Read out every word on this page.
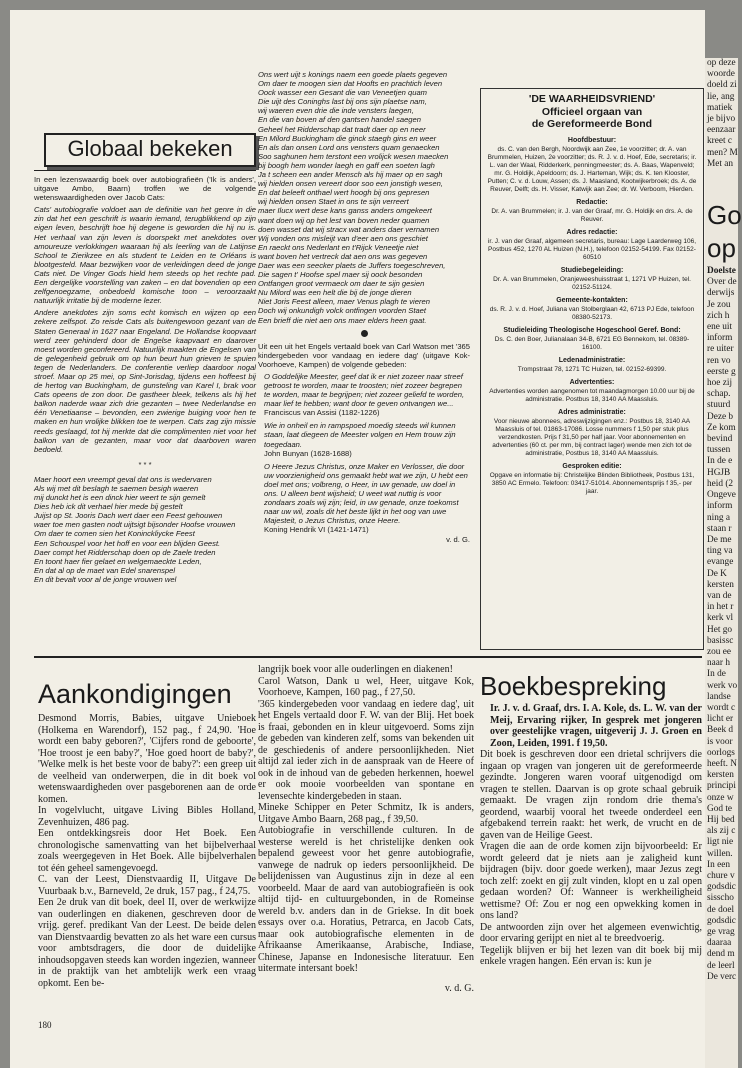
Globaal bekeken

In een lezenswaardig boek over autobiografieën ('Ik is anders', uitgave Ambo, Baarn) troffen we de volgende wetenswaardigheden over Jacob Cats:

Cats' autobiografie voldoet aan de definitie van het genre in die zin dat het een geschrift is waarin iemand, terugblikkend op zijn eigen leven, beschrijft hoe hij degene is geworden die hij nu is. Het verhaal van zijn leven is doorspekt met anekdotes over amoureuze verlokkingen waaraan hij als leerling van de Latijnse School te Zierikzee en als student te Leiden en te Orléans is blootgesteld. Maar bezwijken voor de verleidingen deed de jonge Cats niet. De Vinger Gods hield hem steeds op het rechte pad. Een dergelijke voorstelling van zaken – en dat bovendien op een zelfgenoegzame, onbedoeld komische toon – veroorzaakt natuurlijk irritatie bij de moderne lezer.

Andere anekdotes zijn soms echt komisch en wijzen op een zekere zelfspot. Zo reisde Cats als buitengewoon gezant van de Staten Generaal in 1627 naar Engeland. De Hollandse koopvaart werd zeer gehinderd door de Engelse kaapvaart en daarover moest worden geconfereerd. Natuurlijk maakten de Engelsen van de gelegenheid gebruik om op hun beurt hun grieven te spuien tegen de Nederlanders. De conferentie verliep daardoor nogal stroef. Maar op 25 mei, op Sint-Jorisdag, tijdens een hoffeest bij de hertog van Buckingham, de gunsteling van Karel I, brak voor Cats opeens de zon door. De gastheer bleek, telkens als hij het balkon naderde waar zich drie gezanten – twee Nederlandse en één Venetiaanse – bevonden, een zwierige buiging voor hen te maken en hun vrolijke blikken toe te werpen. Cats zag zijn missie reeds geslaagd, tot hij merkte dat die complimenten niet voor het balkon van de gezanten, maar voor dat daarboven waren bedoeld.

* * *

Maer hoort een vreempt geval dat ons is wedervaren
Als wij met dit beslagh te saemen besigh waeren
mij dunckt het is een dinck hier weert te sijn gemelt
Dies heb ick dit verhael hier mede bij gestelt
Juijst op St. Jooris Dach wert daer een Feest gehouwen
waer toe men gasten nodt uijtsigt bijsonder Hoofse vrouwen
Om daer te comen sien het Koninckliycke Feest
Een Schouspel voor het hoff en voor een blijden Geest.
Daer compt het Ridderschap doen op de Zaele treden
En toont haer fier gelaet en welgemaeckte Leden,
En dat al op de maet van Edel snarenspel
En dit bevalt voor al de jonge vrouwen wel
Ons wert uijt s konings naem een goede plaets gegeven
Om daer te moogen sien dat Hoofts en prachtich leven
Oock wasser een Gesant die van Veneetjen quam
Die uijt des Coninghs last bij ons sijn plaetse nam,
wij waeren even drie die inde vensters laegen,
En die van boven af den gantsen handel saegen
Geheel het Ridderschap dat tradt daer op en neer
En Milord Buckingham die ginck staegh gins en weer
En als dan onsen Lord ons vensters quam genaecken
Soo saghunen hem terstont een vrolijck wesen maecken
bij boogh hem wonder laegh en gaff een soeten lagh
Ja t scheen een ander Mensch als hij maer op en sagh
wij hielden onsen vereert door soo een jonstigh wesen,
En dat beleeft onthael wert hoogh bij ons gepresen
wij hielden onsen Staet in ons te sijn verreert
maer Ilucx wert dese kans ganss anders omgekeert
want doen wij op het lest van boven neder quamen
doen wasset dat wij stracx wat anders daer vernamen
Wij vonden ons misleijt van d'eer aen ons geschiet
En raeckt ons Nederlant en t'Rijck Veneetje niet
want boven het vertreck dat aen ons was gegeven
Daer was een seecker plaets de Juffers toegeschreven,
Die sagen t' Hoofse spel maer sij oock besonden
Ontfangen groot vermaeck om daer te sijn gesien
Nu Milord was een helt die bij de jonge dieren
Niet Joris Feest alleen, maer Venus plagh te vieren
Doch wij onkundigh volck ontfingen voorden Staet
Een brieff die niet aen ons maer elders heen gaat.

Uit een uit het Engels vertaald boek van Carl Watson met '365 kindergebeden voor vandaag en iedere dag' (uitgave Kok-Voorhoeve, Kampen) de volgende gebeden:

O Goddelijke Meester, geef dat ik er niet zozeer naar streef getroost te worden, maar te troosten; niet zozeer begrepen te worden, maar te begrijpen; niet zozeer geliefd te worden, maar lief te hebben; want door te geven ontvangen we...
Franciscus van Assisi (1182-1226)
Wie in onheil en in rampspoed moedig steeds wil kunnen staan, laat diegeen de Meester volgen en Hem trouw zijn toegedaan.
John Bunyan (1628-1688)
O Heere Jezus Christus, onze Maker en Verlosser, die door uw voorzienigheid ons gemaakt hebt wat we zijn, U hebt een doel met ons; volbreng, o Heer, in uw genade, uw doel in ons. U alleen bent wijsheid; U weet wat nuttig is voor zondaars zoals wij zijn; leid, in uw genade, onze toekomst naar uw wil, zoals dit het beste lijkt in het oog van uwe Majesteit, o Jezus Christus, onze Heere.
Koning Hendrik VI (1421-1471)
v. d. G.
'DE WAARHEIDSVRIEND'
Officieel orgaan van
de Gereformeerde Bond
Hoofdbestuur:
ds. C. van den Bergh, Noordwijk aan Zee, 1e voorzitter; dr. A. van Brummelen, Huizen, 2e voorzitter; ds. R. J. v. d. Hoef, Ede, secretaris; ir. L. van der Waal, Ridderkerk, penningmeester; ds. A. Baas, Wapenveld; mr. G. Holdijk, Apeldoorn; ds. J. Harteman, Wijk; ds. K. ten Klooster, Putten; C. v. d. Louw, Assen; ds. J. Maasland, Kootwijkerbroek; ds. A. de Reuver, Delft; ds. H. Visser, Katwijk aan Zee; dr. W. Verboom, Hierden.
Redactie:
Dr. A. van Brummelen; ir. J. van der Graaf, mr. G. Holdijk en drs. A. de Reuver.
Adres redactie:
ir. J. van der Graaf, algemeen secretaris, bureau: Lage Laarderweg 106, Postbus 452, 1270 AL Huizen (N.H.), telefoon 02152-54199. Fax 02152-60510
Studiebegeleiding:
Dr. A. van Brummelen, Oranjeweeshuisstraat 1, 1271 VP Huizen, tel. 02152-51124.
Gemeente-kontakten:
ds. R. J. v. d. Hoef, Juliana van Stolberglaan 42, 6713 PJ Ede, telefoon 08380-52173.
Studieleiding Theologische Hogeschool Geref. Bond:
Ds. C. den Boer, Julianalaan 34-B, 6721 EG Bennekom, tel. 08389-16100.
Ledenadministratie:
Trompstraat 78, 1271 TC Huizen, tel. 02152-69399.
Advertenties:
Advertenties worden aangenomen tot maandagmorgen 10.00 uur bij de administratie. Postbus 18, 3140 AA Maassluis.
Adres administratie:
Voor nieuwe abonnees, adreswijzigingen enz.: Postbus 18, 3140 AA Maassluis of tel. 01863-17086. Losse nummers f 1,50 per stuk plus verzendkosten. Prijs f 31,50 per half jaar. Voor abonnementen en advertenties (60 ct. per mm, bij contract lager) wende men zich tot de administratie, Postbus 18, 3140 AA Maassluis.
Gesproken editie:
Opgave en informatie bij: Christelijke Blinden Bibliotheek, Postbus 131, 3850 AC Ermelo. Telefoon: 03417-51014. Abonnementsprijs f 35,- per jaar.
Aankondigingen

Desmond Morris, Babies, uitgave Unieboek (Holkema en Warendorf), 152 pag., f 24,90. 'Hoe wordt een baby geboren?', 'Cijfers rond de geboorte', 'Hoe troost je een baby?', 'Hoe goed hoort de baby?', 'Welke melk is het beste voor de baby?': een greep uit de veelheid van onderwerpen, die in dit boek vol wetenswaardigheden over pasgeborenen aan de orde komen.

In vogelvlucht, uitgave Living Bibles Holland, Zevenhuizen, 486 pag.

Een ontdekkingsreis door Het Boek. Een chronologische samenvatting van het bijbelverhaal zoals weergegeven in Het Boek. Alle bijbelverhalen tot één geheel samengevoegd.

C. van der Leest, Dienstvaardig II, Uitgave De Vuurbaak b.v., Barneveld, 2e druk, 157 pag., f 24,75.

Een 2e druk van dit boek, deel II, over de werkwijze van ouderlingen en diakenen, geschreven door de vrijg. geref. predikant Van der Leest. De beide delen van Dienstvaardig bevatten zo als het ware een cursus voor ambtsdragers, die door de duidelijke inhoudsopgaven steeds kan worden ingezien, wanneer in de praktijk van het ambtelijk werk een vraag opkomt. Een be-

langrijk boek voor alle ouderlingen en diakenen!

Carol Watson, Dank u wel, Heer, uitgave Kok, Voorhoeve, Kampen, 160 pag., f 27,50.

'365 kindergebeden voor vandaag en iedere dag', uit het Engels vertaald door F. W. van der Blij. Het boek is fraai, gebonden en in kleur uitgevoerd. Soms zijn de gebeden van kinderen zelf, soms van bekenden uit de geschiedenis of andere persoonlijkheden. Niet altijd zal ieder zich in de aanspraak van de Heere of ook in de inhoud van de gebeden herkennen, hoewel er ook mooie voorbeelden van spontane en levensechte kindergebeden in staan.

Mineke Schipper en Peter Schmitz, Ik is anders, Uitgave Ambo Baarn, 268 pag., f 39,50.

Autobiografie in verschillende culturen. In de westerse wereld is het christelijke denken ook bepalend geweest voor het genre autobiografie, vanwege de nadruk op ieders persoonlijkheid. De belijdenissen van Augustinus zijn in deze al een voorbeeld. Maar de aard van autobiografieën is ook altijd tijd- en cultuurgebonden, in de Romeinse wereld b.v. anders dan in de Griekse. In dit boek essays over o.a. Horatius, Petrarca, en Jacob Cats, maar ook autobiografische elementen in de Afrikaanse Amerikaanse, Arabische, Indiase, Chinese, Japanse en Indonesische literatuur. Een uitermate intersant boek!

v. d. G.

Boekbespreking

Ir. J. v. d. Graaf, drs. I. A. Kole, ds. L. W. van der Meij, Ervaring rijker, In gesprek met jongeren over geestelijke vragen, uitgeverij J. J. Groen en Zoon, Leiden, 1991. f 19,50.

Dit boek is geschreven door een drietal schrijvers die ingaan op vragen van jongeren uit de gereformeerde gezindte. Jongeren waren vooraf uitgenodigd om vragen te stellen. Daarvan is op grote schaal gebruik gemaakt. De vragen zijn rondom drie thema's geordend, waarbij vooral het tweede onderdeel een afgebakend terrein raakt: het werk, de vrucht en de gaven van de Heilige Geest.

Vragen die aan de orde komen zijn bijvoorbeeld: Er wordt geleerd dat je niets aan je zaligheid kunt bijdragen (bijv. door goede werken), maar Jezus zegt toch zelf: zoekt en gij zult vinden, klopt en u zal open gedaan worden? Of: Wanneer is werkheiligheid wettisme? Of: Zou er nog een opwekking komen in ons land?

De antwoorden zijn over het algemeen evenwichtig, door ervaring gerijpt en niet al te breedvoerig.

Tegelijk blijven er bij het lezen van dit boek bij mij enkele vragen hangen. Eén ervan is: kun je

180

op deze

woorde

doeld zi

lie, ang

matiek

je bijvo

eenzaar

kreet c

men? M

Met an

Go

op

Doelste

Over de

derwijs

Je zou

zich h

ene uit

inform

re uiter

ren vo

eerste g

hoe zij

schap.

stuurd

Deze b

Ze kom

bevind

tussen

In de e

HGJB

heid (2

Ongeve

inform

ning a

staan r

De me

ting va

evange

De K

kersten

van de

in het r

kerk vl

Het go

basissc

zou ee

naar h

In de

werk vo

landse

wordt c

licht er

Beek d

is voor

oorlogs

heeft. N

kersten

principi

onze w

God te

Hij bed

als zij c

ligt nie

willen.

In een

chure v

godsdic

sisscho

de doel

godsdic

ge vrag

daaraa

dend m

de leerl

De verc
